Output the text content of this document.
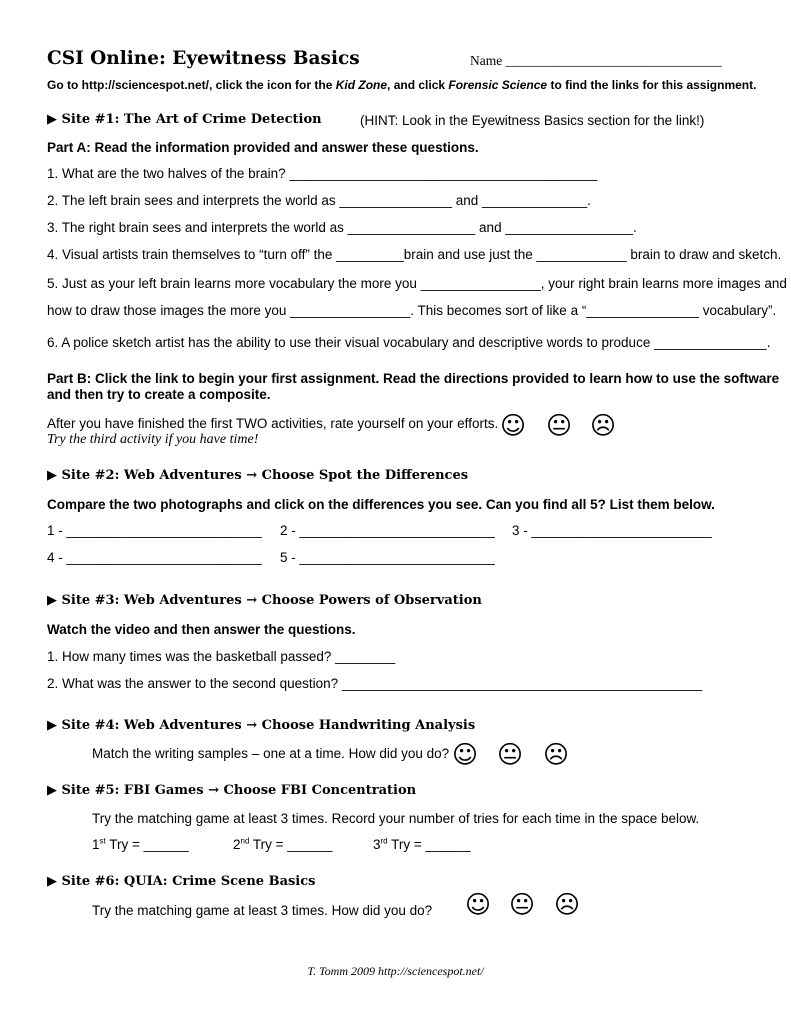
CSI Online: Eyewitness Basics	Name ________________________________
Go to http://sciencespot.net/, click the icon for the Kid Zone, and click Forensic Science to find the links for this assignment.
▶ Site #1: The Art of Crime Detection	(HINT: Look in the Eyewitness Basics section for the link!)
Part A: Read the information provided and answer these questions.
1. What are the two halves of the brain? _________________________________________
2. The left brain sees and interprets the world as _______________ and ______________.
3. The right brain sees and interprets the world as _________________ and _________________.
4. Visual artists train themselves to “turn off” the _________brain and use just the ____________ brain to draw and sketch.
5. Just as your left brain learns more vocabulary the more you ________________, your right brain learns more images and
how to draw those images the more you ________________. This becomes sort of like a “_______________ vocabulary”.
6. A police sketch artist has the ability to use their visual vocabulary and descriptive words to produce _______________.
Part B: Click the link to begin your first assignment. Read the directions provided to learn how to use the software
and then try to create a composite.
After you have finished the first TWO activities, rate yourself on your efforts.
Try the third activity if you have time!	☺ 😐 ☹
▶ Site #2: Web Adventures → Choose Spot the Differences
Compare the two photographs and click on the differences you see. Can you find all 5? List them below.
1 - __________________________ 2 - __________________________ 3 - ________________________
4 - __________________________ 5 - __________________________
▶ Site #3: Web Adventures → Choose Powers of Observation
Watch the video and then answer the questions.
1. How many times was the basketball passed? ________
2. What was the answer to the second question? ________________________________________________
▶ Site #4: Web Adventures → Choose Handwriting Analysis
Match the writing samples – one at a time. How did you do? ☺ 😐 ☹
▶ Site #5: FBI Games → Choose FBI Concentration
Try the matching game at least 3 times. Record your number of tries for each time in the space below.
1st Try = ______	2nd Try = ______	3rd Try = ______
▶ Site #6: QUIA: Crime Scene Basics
Try the matching game at least 3 times. How did you do? ☺ 😐 ☹
T. Tomm 2009 http://sciencespot.net/
